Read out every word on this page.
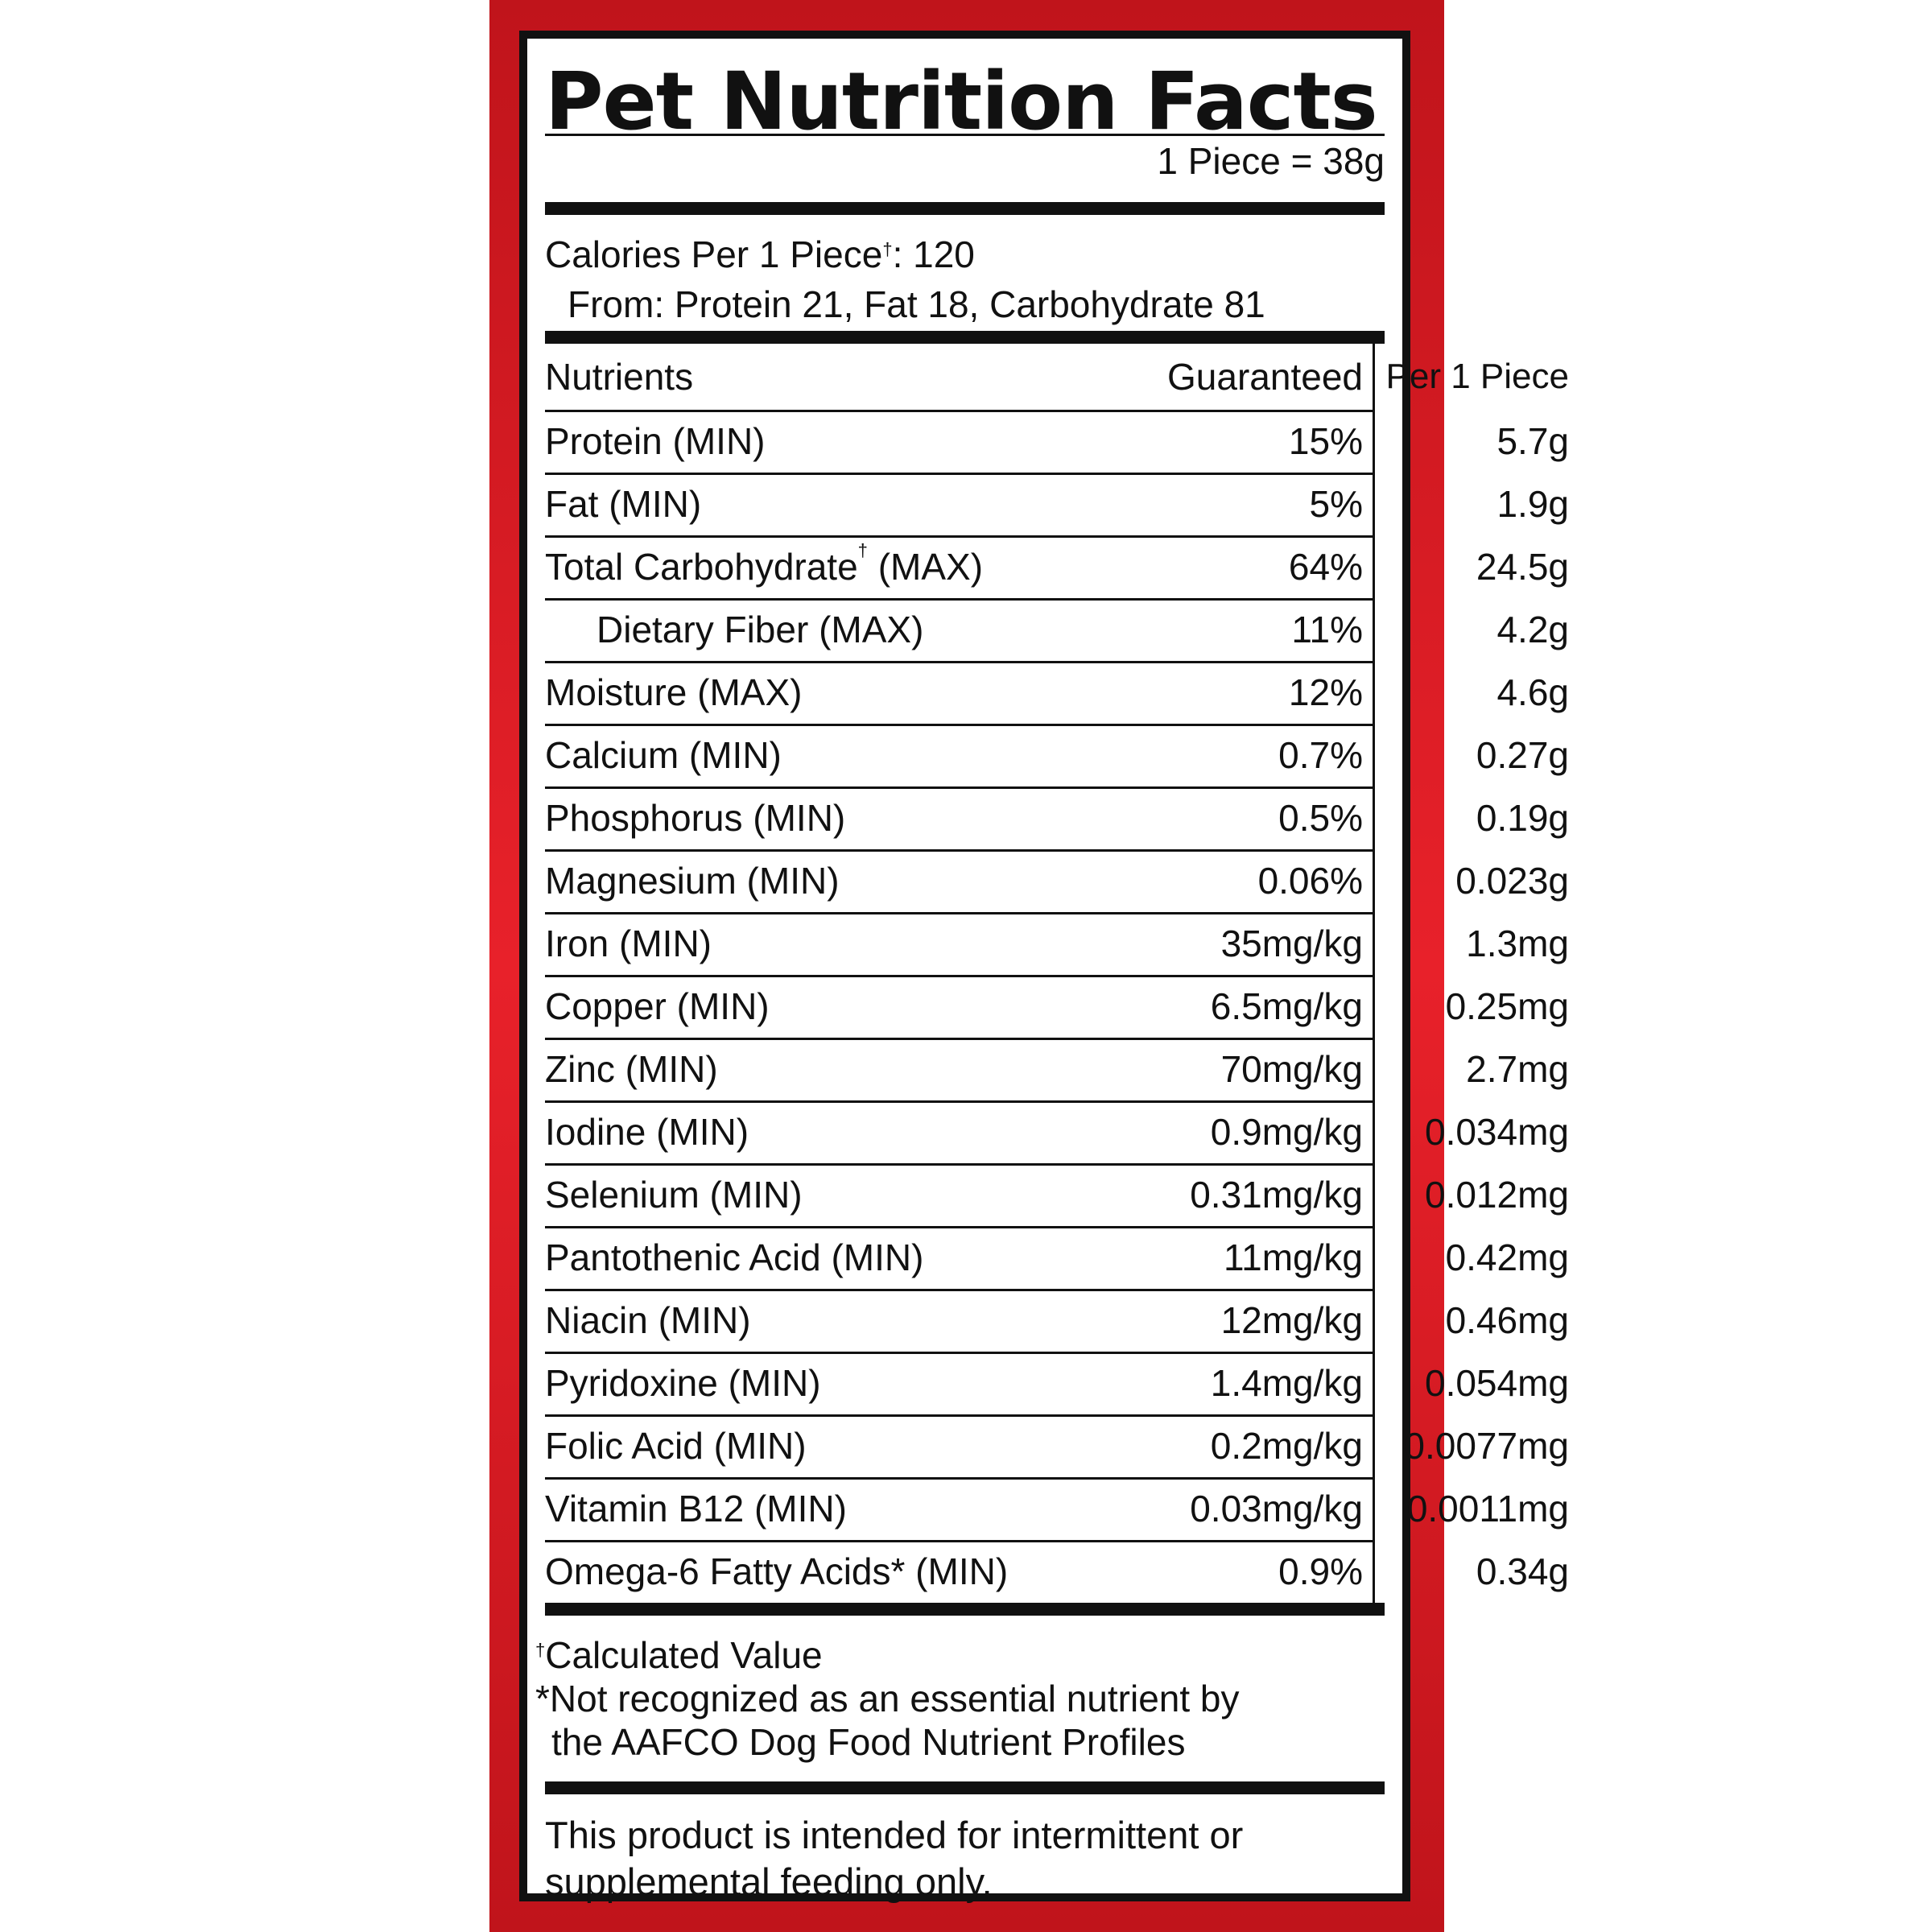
Pet Nutrition Facts
1 Piece = 38g
Calories Per 1 Piece†: 120
From: Protein 21, Fat 18, Carbohydrate 81
Nutrients	Guaranteed Per 1 Piece
Protein (MIN)	15%	5.7g
Fat (MIN)	5%	1.9g
Total Carbohydrate† (MAX)	64%	24.5g
Dietary Fiber (MAX)	11%	4.2g
Moisture (MAX)	12%	4.6g
Calcium (MIN)	0.7%	0.27g
Phosphorus (MIN)	0.5%	0.19g
Magnesium (MIN)	0.06%	0.023g
Iron (MIN)	35mg/kg	1.3mg
Copper (MIN)	6.5mg/kg	0.25mg
Zinc (MIN)	70mg/kg	2.7mg
Iodine (MIN)	0.9mg/kg	0.034mg
Selenium (MIN)	0.31mg/kg	0.012mg
Pantothenic Acid (MIN)	11mg/kg	0.42mg
Niacin (MIN)	12mg/kg	0.46mg
Pyridoxine (MIN)	1.4mg/kg	0.054mg
Folic Acid (MIN)	0.2mg/kg	0.0077mg
Vitamin B12 (MIN)	0.03mg/kg	0.0011mg
Omega-6 Fatty Acids* (MIN)	0.9%	0.34g
†Calculated Value
*Not recognized as an essential nutrient by
the AAFCO Dog Food Nutrient Profiles
This product is intended for intermittent or
supplemental feeding only.
